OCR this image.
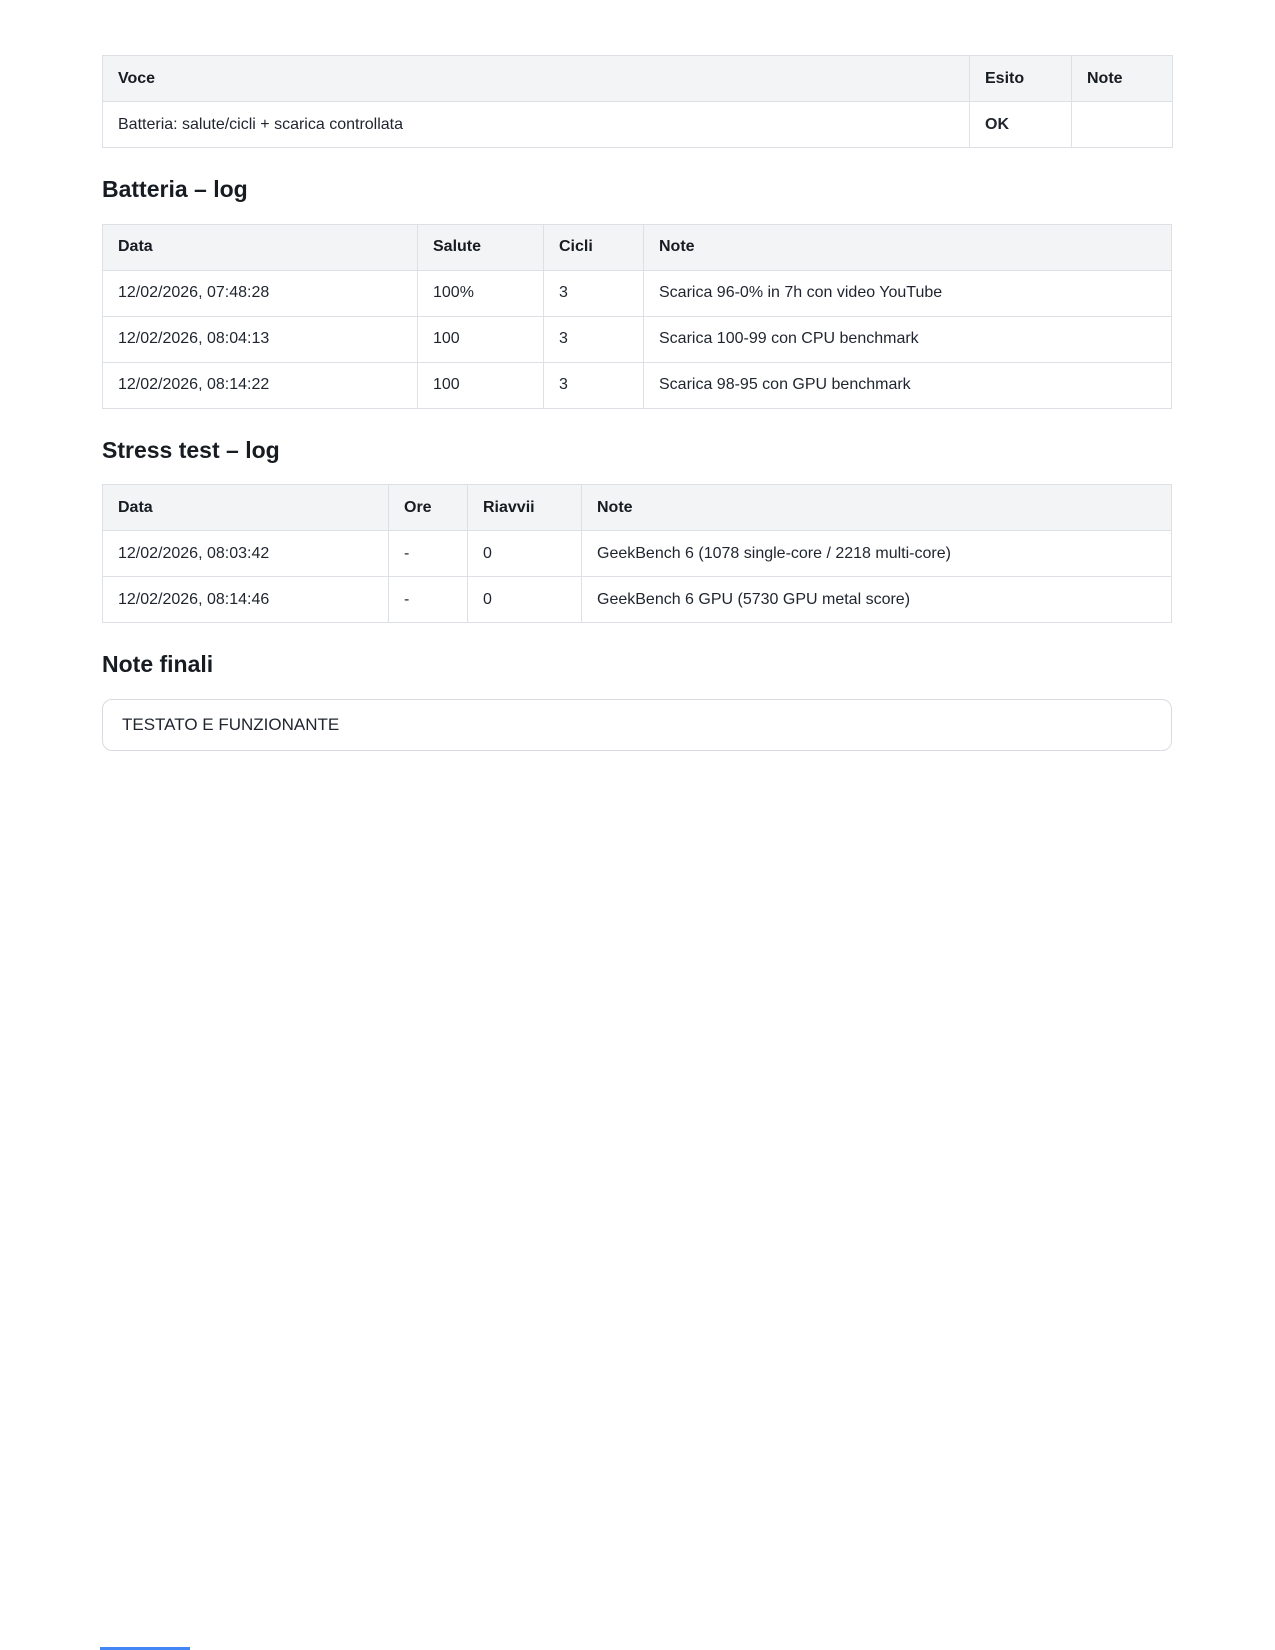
Voce	Esito	Note
Batteria: salute/cicli + scarica controllata	OK	
Batteria – log
Data	Salute	Cicli	Note
12/02/2026, 07:48:28	100%	3	Scarica 96-0% in 7h con video YouTube
12/02/2026, 08:04:13	100	3	Scarica 100-99 con CPU benchmark
12/02/2026, 08:14:22	100	3	Scarica 98-95 con GPU benchmark
Stress test – log
Data	Ore	Riavvii	Note
12/02/2026, 08:03:42	-	0	GeekBench 6 (1078 single-core / 2218 multi-core)
12/02/2026, 08:14:46	-	0	GeekBench 6 GPU (5730 GPU metal score)
Note finali
TESTATO E FUNZIONANTE
